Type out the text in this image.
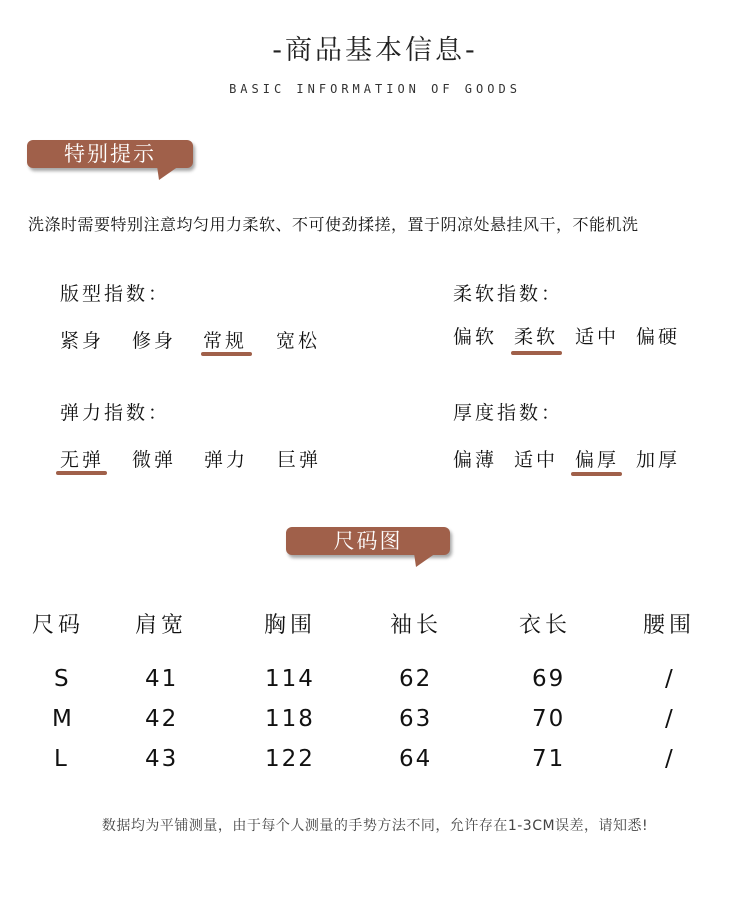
-商品基本信息-
BASIC INFORMATION OF GOODS
特别提示
洗涤时需要特别注意均匀用力柔软、不可使劲揉搓，置于阴凉处悬挂风干，不能机洗
版型指数：
紧身 修身 常规 宽松
柔软指数：
偏软 柔软 适中 偏硬
弹力指数：
无弹 微弹 弹力 巨弹
厚度指数：
偏薄 适中 偏厚 加厚
尺码图
尺码 肩宽	胸围	袖长	衣长	腰围
S	41	114	62	69	/
M	42	118	63	70	/
L	43	122	64	71	/
数据均为平铺测量，由于每个人测量的手势方法不同，允许存在1-3CM误差，请知悉!
